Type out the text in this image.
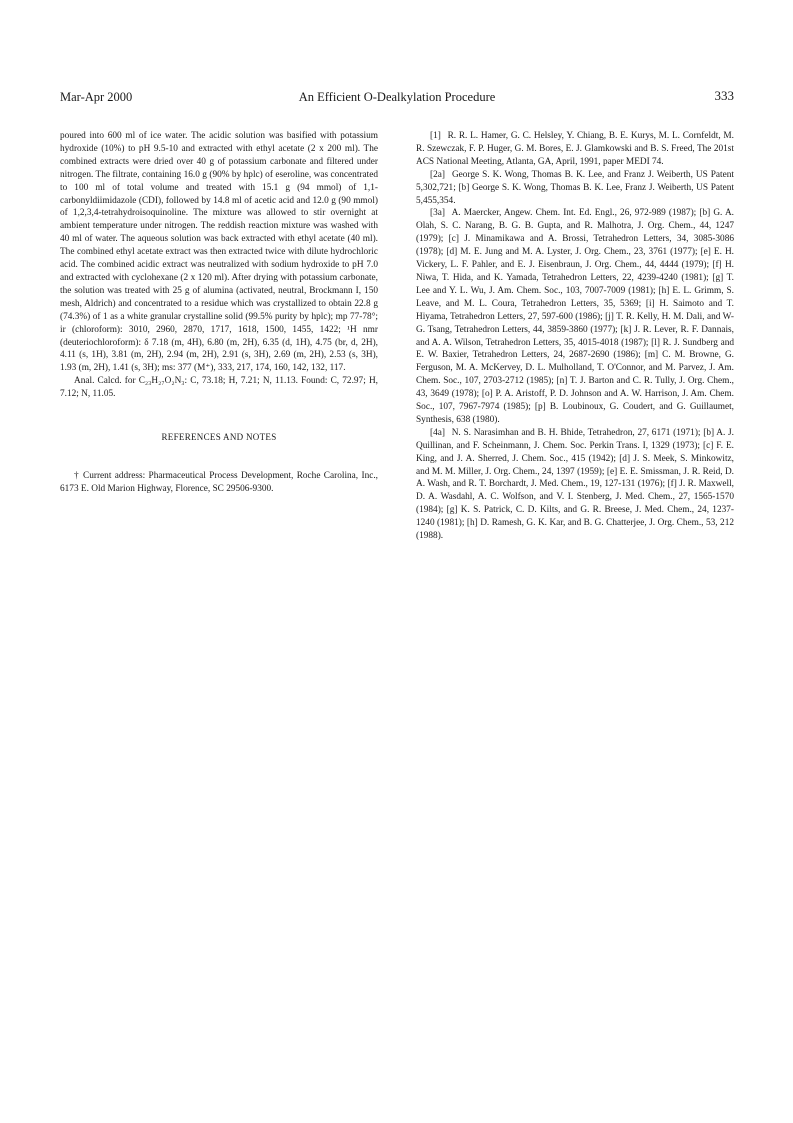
Mar-Apr 2000	An Efficient O-Dealkylation Procedure	333

poured into 600 ml of ice water. The acidic solution was basified with potassium hydroxide (10%) to pH 9.5-10 and extracted with ethyl acetate (2 x 200 ml). The combined extracts were dried over 40 g of potassium carbonate and filtered under nitrogen. The filtrate, containing 16.0 g (90% by hplc) of eseroline, was concentrated to 100 ml of total volume and treated with 15.1 g (94 mmol) of 1,1-carbonyldiimidazole (CDI), followed by 14.8 ml of acetic acid and 12.0 g (90 mmol) of 1,2,3,4-tetrahydroisoquinoline. The mixture was allowed to stir overnight at ambient temperature under nitrogen. The reddish reaction mixture was washed with 40 ml of water. The aqueous solution was back extracted with ethyl acetate (40 ml). The combined ethyl acetate extract was then extracted twice with dilute hydrochloric acid. The combined acidic extract was neutralized with sodium hydroxide to pH 7.0 and extracted with cyclohexane (2 x 120 ml). After drying with potassium carbonate, the solution was treated with 25 g of alumina (activated, neutral, Brockmann I, 150 mesh, Aldrich) and concentrated to a residue which was crystallized to obtain 22.8 g (74.3%) of 1 as a white granular crystalline solid (99.5% purity by hplc); mp 77-78°; ir (chloroform): 3010, 2960, 2870, 1717, 1618, 1500, 1455, 1422; ¹H nmr (deuteriochloroform): δ 7.18 (m, 4H), 6.80 (m, 2H), 6.35 (d, 1H), 4.75 (br, d, 2H), 4.11 (s, 1H), 3.81 (m, 2H), 2.94 (m, 2H), 2.91 (s, 3H), 2.69 (m, 2H), 2.53 (s, 3H), 1.93 (m, 2H), 1.41 (s, 3H); ms: 377 (M⁺), 333, 217, 174, 160, 142, 132, 117.

Anal. Calcd. for C₂₃H₂₇O₂N₃: C, 73.18; H, 7.21; N, 11.13. Found: C, 72.97; H, 7.12; N, 11.05.

REFERENCES AND NOTES

† Current address: Pharmaceutical Process Development, Roche Carolina, Inc., 6173 E. Old Marion Highway, Florence, SC 29506-9300.

[1] R. R. L. Hamer, G. C. Helsley, Y. Chiang, B. E. Kurys, M. L. Cornfeldt, M. R. Szewczak, F. P. Huger, G. M. Bores, E. J. Glamkowski and B. S. Freed, The 201st ACS National Meeting, Atlanta, GA, April, 1991, paper MEDI 74.

[2a] George S. K. Wong, Thomas B. K. Lee, and Franz J. Weiberth, US Patent 5,302,721; [b] George S. K. Wong, Thomas B. K. Lee, Franz J. Weiberth, US Patent 5,455,354.

[3a] A. Maercker, Angew. Chem. Int. Ed. Engl., 26, 972-989 (1987); [b] G. A. Olah, S. C. Narang, B. G. B. Gupta, and R. Malhotra, J. Org. Chem., 44, 1247 (1979); [c] J. Minamikawa and A. Brossi, Tetrahedron Letters, 34, 3085-3086 (1978); [d] M. E. Jung and M. A. Lyster, J. Org. Chem., 23, 3761 (1977); [e] E. H. Vickery, L. F. Pahler, and E. J. Eisenbraun, J. Org. Chem., 44, 4444 (1979); [f] H. Niwa, T. Hida, and K. Yamada, Tetrahedron Letters, 22, 4239-4240 (1981); [g] T. Lee and Y. L. Wu, J. Am. Chem. Soc., 103, 7007-7009 (1981); [h] E. L. Grimm, S. Leave, and M. L. Coura, Tetrahedron Letters, 35, 5369; [i] H. Saimoto and T. Hiyama, Tetrahedron Letters, 27, 597-600 (1986); [j] T. R. Kelly, H. M. Dali, and W-G. Tsang, Tetrahedron Letters, 44, 3859-3860 (1977); [k] J. R. Lever, R. F. Dannais, and A. A. Wilson, Tetrahedron Letters, 35, 4015-4018 (1987); [l] R. J. Sundberg and E. W. Baxier, Tetrahedron Letters, 24, 2687-2690 (1986); [m] C. M. Browne, G. Ferguson, M. A. McKervey, D. L. Mulholland, T. O'Connor, and M. Parvez, J. Am. Chem. Soc., 107, 2703-2712 (1985); [n] T. J. Barton and C. R. Tully, J. Org. Chem., 43, 3649 (1978); [o] P. A. Aristoff, P. D. Johnson and A. W. Harrison, J. Am. Chem. Soc., 107, 7967-7974 (1985); [p] B. Loubinoux, G. Coudert, and G. Guillaumet, Synthesis, 638 (1980).

[4a] N. S. Narasimhan and B. H. Bhide, Tetrahedron, 27, 6171 (1971); [b] A. J. Quillinan, and F. Scheinmann, J. Chem. Soc. Perkin Trans. I, 1329 (1973); [c] F. E. King, and J. A. Sherred, J. Chem. Soc., 415 (1942); [d] J. S. Meek, S. Minkowitz, and M. M. Miller, J. Org. Chem., 24, 1397 (1959); [e] E. E. Smissman, J. R. Reid, D. A. Wash, and R. T. Borchardt, J. Med. Chem., 19, 127-131 (1976); [f] J. R. Maxwell, D. A. Wasdahl, A. C. Wolfson, and V. I. Stenberg, J. Med. Chem., 27, 1565-1570 (1984); [g] K. S. Patrick, C. D. Kilts, and G. R. Breese, J. Med. Chem., 24, 1237-1240 (1981); [h] D. Ramesh, G. K. Kar, and B. G. Chatterjee, J. Org. Chem., 53, 212 (1988).
